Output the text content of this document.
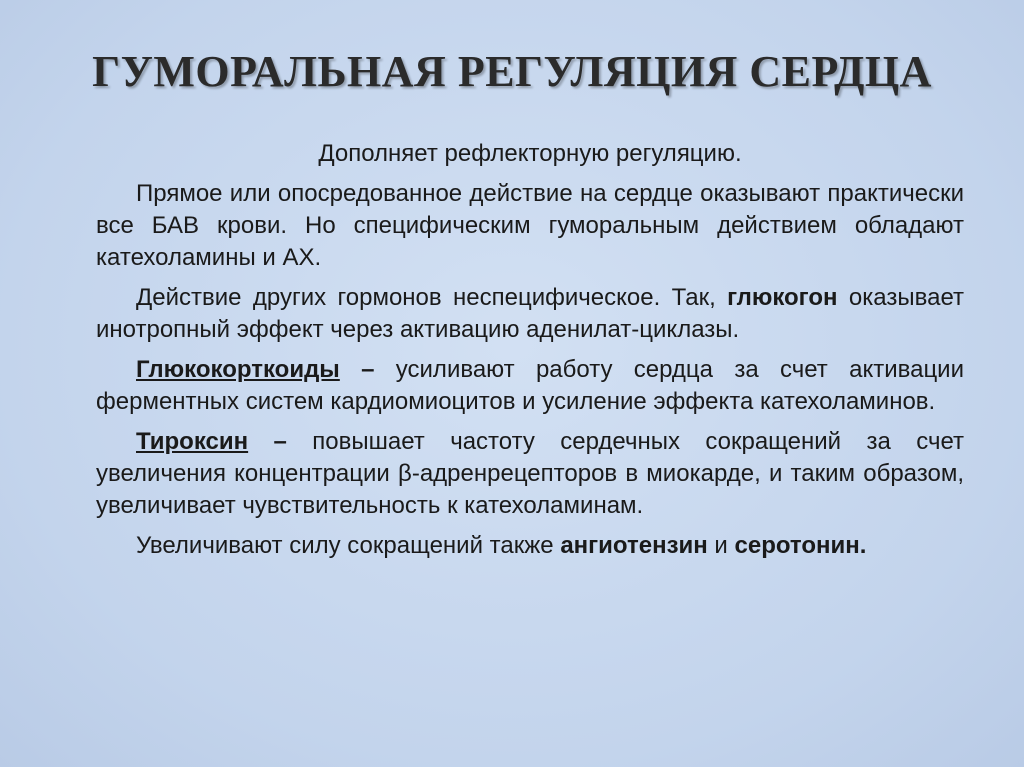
ГУМОРАЛЬНАЯ РЕГУЛЯЦИЯ СЕРДЦА

Дополняет рефлекторную регуляцию.

Прямое или опосредованное действие на сердце оказывают практически все БАВ крови. Но специфическим гуморальным действием обладают катехоламины и АХ.

Действие других гормонов неспецифическое. Так, глюкогон оказывает инотропный эффект через активацию аденилат-циклазы.

Глюкокорткоиды – усиливают работу сердца за счет активации ферментных систем кардиомиоцитов и усиление эффекта катехоламинов.

Тироксин – повышает частоту сердечных сокращений за счет увеличения концентрации β-адренрецепторов в миокарде, и таким образом, увеличивает чувствительность к катехоламинам.

Увеличивают силу сокращений также ангиотензин и серотонин.
